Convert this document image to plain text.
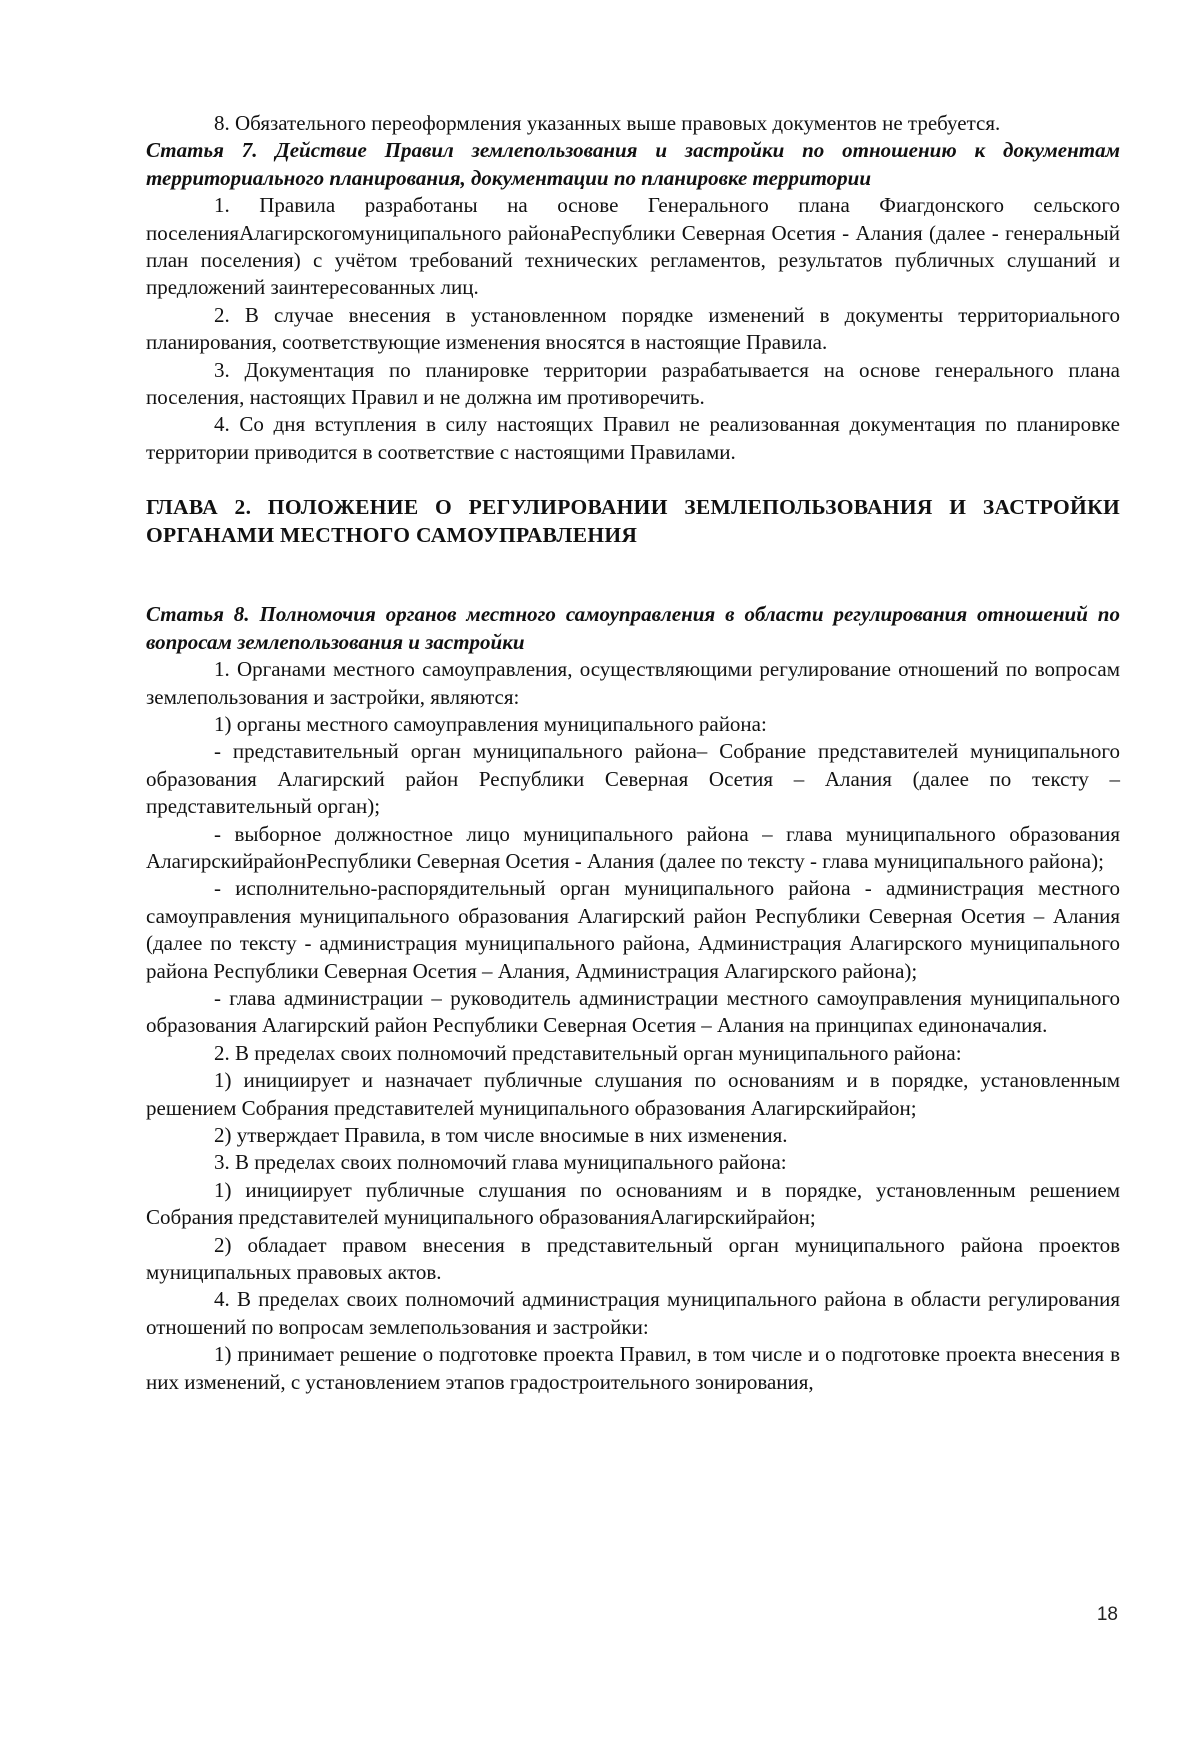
8. Обязательного переоформления указанных выше правовых документов не требуется.

Статья 7. Действие Правил землепользования и застройки по отношению к документам территориального планирования, документации по планировке территории

1. Правила разработаны на основе Генерального плана Фиагдонского сельского поселенияАлагирскогомуниципального районаРеспублики Северная Осетия - Алания (далее - генеральный план поселения) с учётом требований технических регламентов, результатов публичных слушаний и предложений заинтересованных лиц.

2. В случае внесения в установленном порядке изменений в документы территориального планирования, соответствующие изменения вносятся в настоящие Правила.

3. Документация по планировке территории разрабатывается на основе генерального плана поселения, настоящих Правил и не должна им противоречить.

4. Со дня вступления в силу настоящих Правил не реализованная документация по планировке территории приводится в соответствие с настоящими Правилами.

ГЛАВА 2. ПОЛОЖЕНИЕ О РЕГУЛИРОВАНИИ ЗЕМЛЕПОЛЬЗОВАНИЯ И ЗАСТРОЙКИ ОРГАНАМИ МЕСТНОГО САМОУПРАВЛЕНИЯ

Статья 8. Полномочия органов местного самоуправления в области регулирования отношений по вопросам землепользования и застройки

1. Органами местного самоуправления, осуществляющими регулирование отношений по вопросам землепользования и застройки, являются:

1) органы местного самоуправления муниципального района:

- представительный орган муниципального района– Собрание представителей муниципального образования Алагирский район Республики Северная Осетия – Алания (далее по тексту – представительный орган);

- выборное должностное лицо муниципального района – глава муниципального образования АлагирскийрайонРеспублики Северная Осетия - Алания (далее по тексту - глава муниципального района);

- исполнительно-распорядительный орган муниципального района - администрация местного самоуправления муниципального образования Алагирский район Республики Северная Осетия – Алания (далее по тексту - администрация муниципального района, Администрация Алагирского муниципального района Республики Северная Осетия – Алания, Администрация Алагирского района);

- глава администрации – руководитель администрации местного самоуправления муниципального образования Алагирский район Республики Северная Осетия – Алания на принципах единоначалия.

2. В пределах своих полномочий представительный орган муниципального района:

1) инициирует и назначает публичные слушания по основаниям и в порядке, установленным решением Собрания представителей муниципального образования Алагирскийрайон;

2) утверждает Правила, в том числе вносимые в них изменения.

3. В пределах своих полномочий глава муниципального района:

1) инициирует публичные слушания по основаниям и в порядке, установленным решением Собрания представителей муниципального образованияАлагирскийрайон;

2) обладает правом внесения в представительный орган муниципального района проектов муниципальных правовых актов.

4. В пределах своих полномочий администрация муниципального района в области регулирования отношений по вопросам землепользования и застройки:

1) принимает решение о подготовке проекта Правил, в том числе и о подготовке проекта внесения в них изменений, с установлением этапов градостроительного зонирования,

18
